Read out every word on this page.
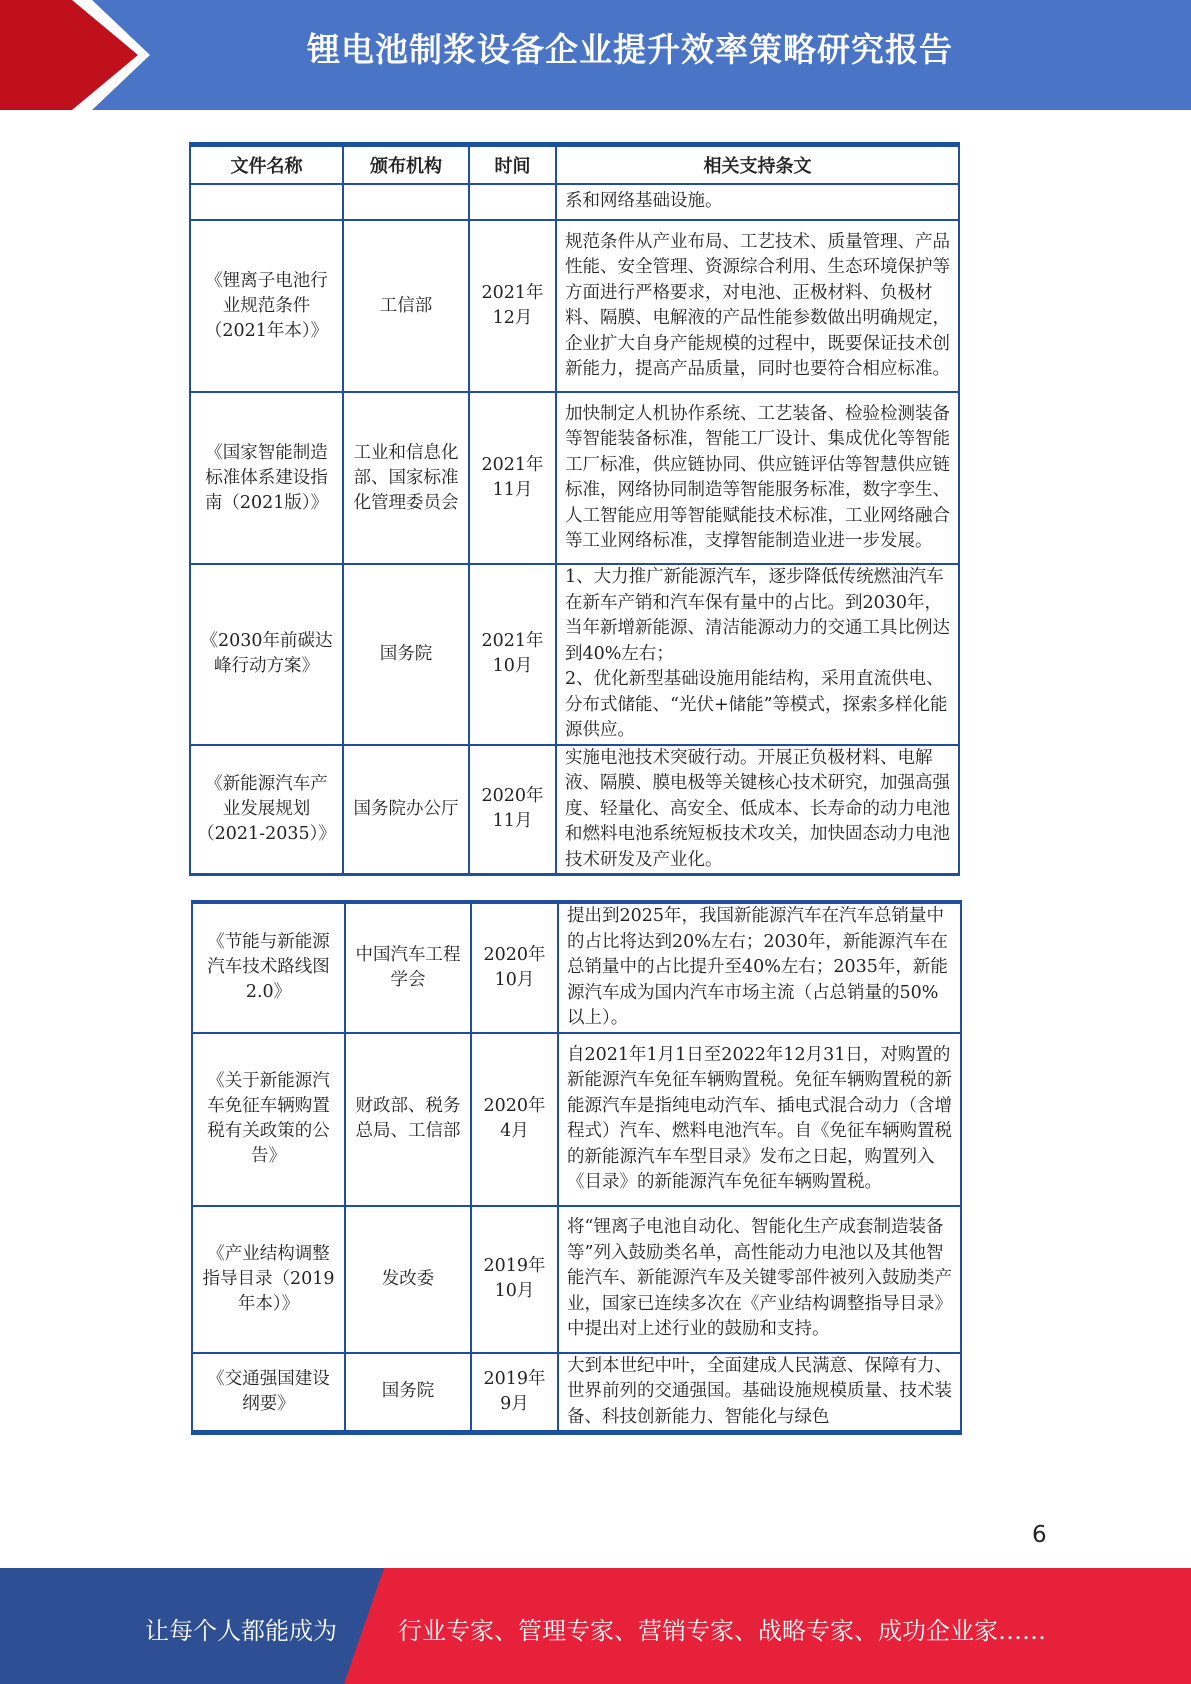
锂电池制浆设备企业提升效率策略研究报告
文件名称	颁布机构	时间	相关支持条文
			系和网络基础设施。
《锂离子电池行业规范条件（2021年本）》	工信部	2021年12月	规范条件从产业布局、工艺技术、质量管理、产品性能、安全管理、资源综合利用、生态环境保护等方面进行严格要求，对电池、正极材料、负极材料、隔膜、电解液的产品性能参数做出明确规定，企业扩大自身产能规模的过程中，既要保证技术创新能力，提高产品质量，同时也要符合相应标准。
《国家智能制造标准体系建设指南（2021版）》	工业和信息化部、国家标准化管理委员会	2021年11月	加快制定人机协作系统、工艺装备、检验检测装备等智能装备标准，智能工厂设计、集成优化等智能工厂标准，供应链协同、供应链评估等智慧供应链标准，网络协同制造等智能服务标准，数字孪生、人工智能应用等智能赋能技术标准，工业网络融合等工业网络标准，支撑智能制造业进一步发展。
《2030年前碳达峰行动方案》	国务院	2021年10月	1、大力推广新能源汽车，逐步降低传统燃油汽车在新车产销和汽车保有量中的占比。到2030年，当年新增新能源、清洁能源动力的交通工具比例达到40%左右；
2、优化新型基础设施用能结构，采用直流供电、分布式储能、“光伏+储能”等模式，探索多样化能源供应。
《新能源汽车产业发展规划（2021-2035）》	国务院办公厅	2020年11月	实施电池技术突破行动。开展正负极材料、电解液、隔膜、膜电极等关键核心技术研究，加强高强度、轻量化、高安全、低成本、长寿命的动力电池和燃料电池系统短板技术攻关，加快固态动力电池技术研发及产业化。
《节能与新能源汽车技术路线图2.0》	中国汽车工程学会	2020年10月	提出到2025年，我国新能源汽车在汽车总销量中的占比将达到20%左右；2030年，新能源汽车在总销量中的占比提升至40%左右；2035年，新能源汽车成为国内汽车市场主流（占总销量的50%以上）。
《关于新能源汽车免征车辆购置税有关政策的公告》	财政部、税务总局、工信部	2020年4月	自2021年1月1日至2022年12月31日，对购置的新能源汽车免征车辆购置税。免征车辆购置税的新能源汽车是指纯电动汽车、插电式混合动力（含增程式）汽车、燃料电池汽车。自《免征车辆购置税的新能源汽车车型目录》发布之日起，购置列入《目录》的新能源汽车免征车辆购置税。
《产业结构调整指导目录（2019年本）》	发改委	2019年10月	将“锂离子电池自动化、智能化生产成套制造装备等”列入鼓励类名单，高性能动力电池以及其他智能汽车、新能源汽车及关键零部件被列入鼓励类产业，国家已连续多次在《产业结构调整指导目录》中提出对上述行业的鼓励和支持。
《交通强国建设纲要》	国务院	2019年9月	大到本世纪中叶，全面建成人民满意、保障有力、世界前列的交通强国。基础设施规模质量、技术装备、科技创新能力、智能化与绿色
6
让每个人都能成为	行业专家、管理专家、营销专家、战略专家、成功企业家……
